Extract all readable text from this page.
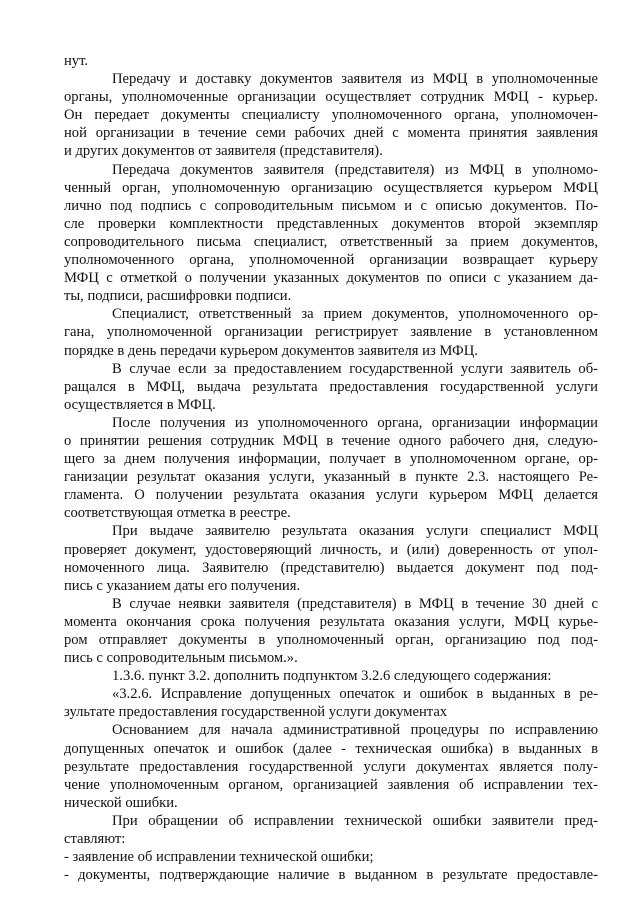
нут.
Передачу и доставку документов заявителя из МФЦ в уполномоченные
органы, уполномоченные организации осуществляет сотрудник МФЦ - курьер.
Он передает документы специалисту уполномоченного органа, уполномочен-
ной организации в течение семи рабочих дней с момента принятия заявления
и других документов от заявителя (представителя).
Передача документов заявителя (представителя) из МФЦ в уполномо-
ченный орган, уполномоченную организацию осуществляется курьером МФЦ
лично под подпись с сопроводительным письмом и с описью документов. По-
сле проверки комплектности представленных документов второй экземпляр
сопроводительного письма специалист, ответственный за прием документов,
уполномоченного органа, уполномоченной организации возвращает курьеру
МФЦ с отметкой о получении указанных документов по описи с указанием да-
ты, подписи, расшифровки подписи.
Специалист, ответственный за прием документов, уполномоченного ор-
гана, уполномоченной организации регистрирует заявление в установленном
порядке в день передачи курьером документов заявителя из МФЦ.
В случае если за предоставлением государственной услуги заявитель об-
ращался в МФЦ, выдача результата предоставления государственной услуги
осуществляется в МФЦ.
После получения из уполномоченного органа, организации информации
о принятии решения сотрудник МФЦ в течение одного рабочего дня, следую-
щего за днем получения информации, получает в уполномоченном органе, ор-
ганизации результат оказания услуги, указанный в пункте 2.3. настоящего Ре-
гламента. О получении результата оказания услуги курьером МФЦ делается
соответствующая отметка в реестре.
При выдаче заявителю результата оказания услуги специалист МФЦ
проверяет документ, удостоверяющий личность, и (или) доверенность от упол-
номоченного лица. Заявителю (представителю) выдается документ под под-
пись с указанием даты его получения.
В случае неявки заявителя (представителя) в МФЦ в течение 30 дней с
момента окончания срока получения результата оказания услуги, МФЦ курье-
ром отправляет документы в уполномоченный орган, организацию под под-
пись с сопроводительным письмом.».
1.3.6. пункт 3.2. дополнить подпунктом 3.2.6 следующего содержания:
«3.2.6. Исправление допущенных опечаток и ошибок в выданных в ре-
зультате предоставления государственной услуги документах
Основанием для начала административной процедуры по исправлению
допущенных опечаток и ошибок (далее - техническая ошибка) в выданных в
результате предоставления государственной услуги документах является полу-
чение уполномоченным органом, организацией заявления об исправлении тех-
нической ошибки.
При обращении об исправлении технической ошибки заявители пред-
ставляют:
- заявление об исправлении технической ошибки;
- документы, подтверждающие наличие в выданном в результате предоставле-
